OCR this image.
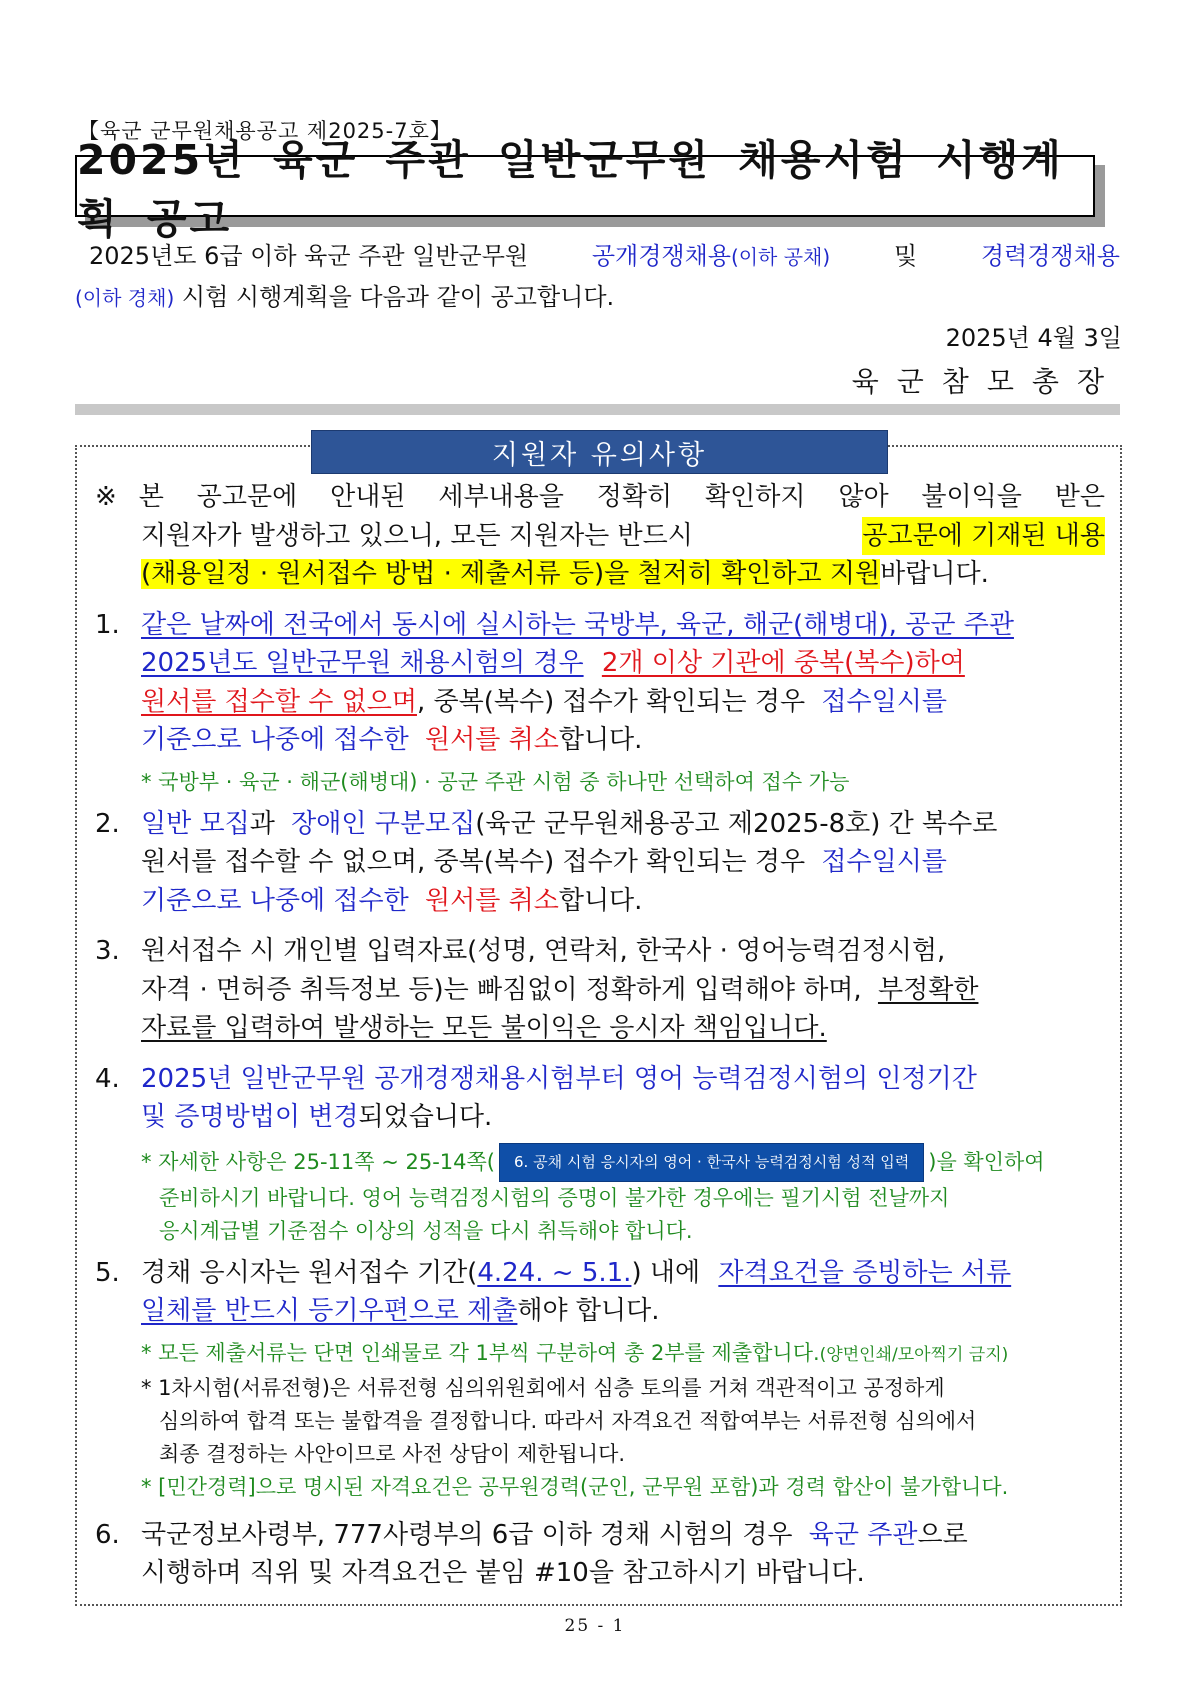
【육군 군무원채용공고 제2025-7호】
2025년 육군 주관 일반군무원 채용시험 시행계획 공고
2025년도 6급 이하 육군 주관 일반군무원	공개경쟁채용(이하 공채)	및	경력경쟁채용
(이하 경채) 시험 시행계획을 다음과 같이 공고합니다.
2025년 4월 3일
육군참모총장
지원자 유의사항
※ 본 공고문에 안내된 세부내용을 정확히 확인하지 않아 불이익을 받은
지원자가 발생하고 있으니, 모든 지원자는 반드시	공고문에 기재된 내용
(채용일정 · 원서접수 방법 · 제출서류 등)을 철저히 확인하고 지원바랍니다.
1. 같은 날짜에 전국에서 동시에 실시하는 국방부, 육군, 해군(해병대), 공군 주관
2025년도 일반군무원 채용시험의 경우 2개 이상 기관에 중복(복수)하여
원서를 접수할 수 없으며, 중복(복수) 접수가 확인되는 경우 접수일시를
기준으로 나중에 접수한 원서를 취소합니다.
* 국방부 · 육군 · 해군(해병대) · 공군 주관 시험 중 하나만 선택하여 접수 가능
2. 일반 모집과 장애인 구분모집(육군 군무원채용공고 제2025-8호) 간 복수로
원서를 접수할 수 없으며, 중복(복수) 접수가 확인되는 경우 접수일시를
기준으로 나중에 접수한 원서를 취소합니다.
3. 원서접수 시 개인별 입력자료(성명, 연락처, 한국사 · 영어능력검정시험,
자격 · 면허증 취득정보 등)는 빠짐없이 정확하게 입력해야 하며, 부정확한
자료를 입력하여 발생하는 모든 불이익은 응시자 책임입니다.
4. 2025년 일반군무원 공개경쟁채용시험부터 영어 능력검정시험의 인정기간
및 증명방법이 변경되었습니다.
* 자세한 사항은 25-11쪽 ~ 25-14쪽( 6. 공채 시험 응시자의 영어 · 한국사 능력검정시험 성적 입력 )을 확인하여
준비하시기 바랍니다. 영어 능력검정시험의 증명이 불가한 경우에는 필기시험 전날까지
응시계급별 기준점수 이상의 성적을 다시 취득해야 합니다.
5. 경채 응시자는 원서접수 기간(4.24. ~ 5.1.) 내에 자격요건을 증빙하는 서류
일체를 반드시 등기우편으로 제출해야 합니다.
* 모든 제출서류는 단면 인쇄물로 각 1부씩 구분하여 총 2부를 제출합니다.(양면인쇄/모아찍기 금지)
* 1차시험(서류전형)은 서류전형 심의위원회에서 심층 토의를 거쳐 객관적이고 공정하게
심의하여 합격 또는 불합격을 결정합니다. 따라서 자격요건 적합여부는 서류전형 심의에서
최종 결정하는 사안이므로 사전 상담이 제한됩니다.
* [민간경력]으로 명시된 자격요건은 공무원경력(군인, 군무원 포함)과 경력 합산이 불가합니다.
6. 국군정보사령부, 777사령부의 6급 이하 경채 시험의 경우 육군 주관으로
시행하며 직위 및 자격요건은 붙임 #10을 참고하시기 바랍니다.
25 - 1
